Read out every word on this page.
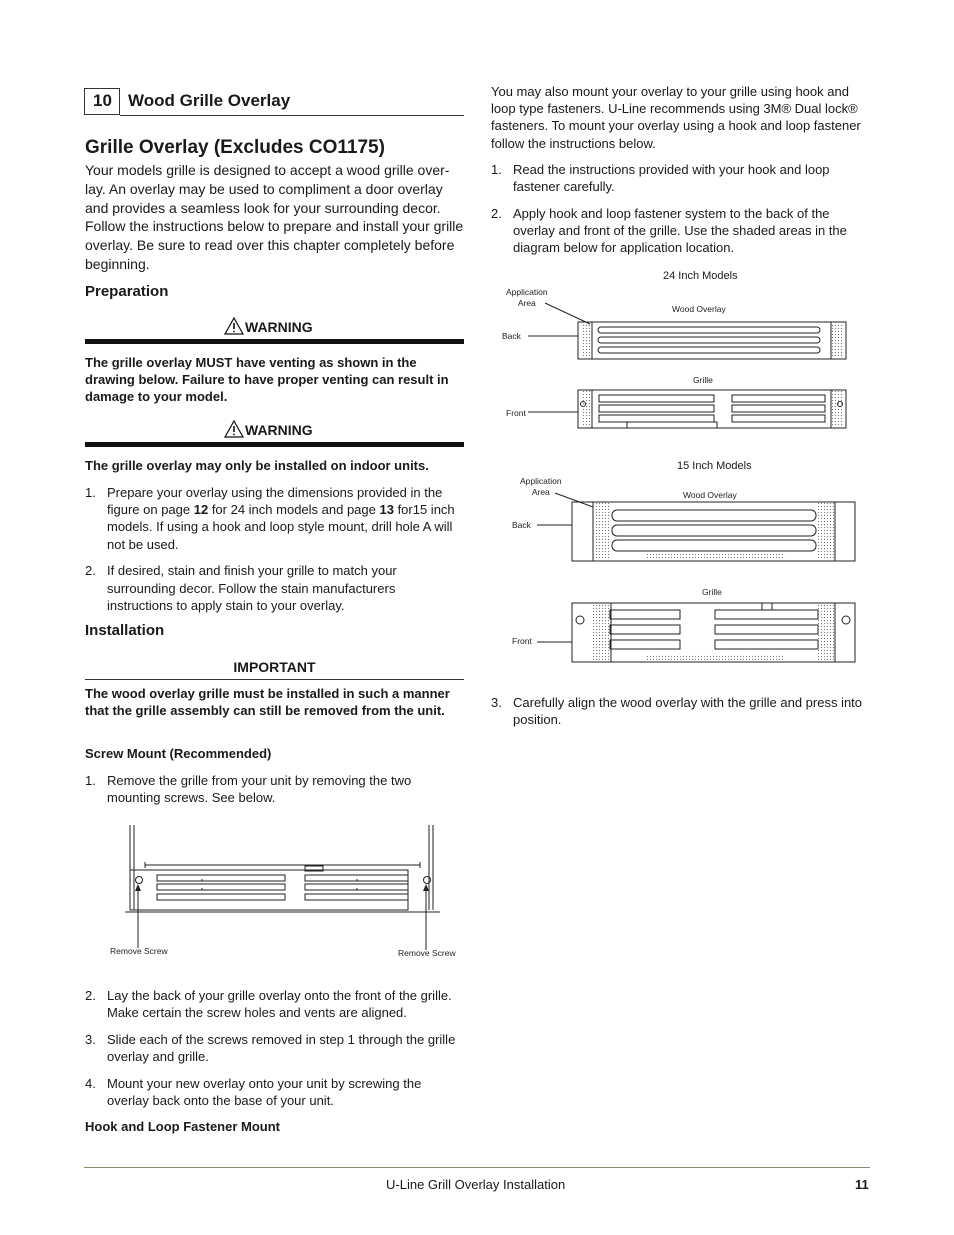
10 Wood Grille Overlay
Grille Overlay (Excludes CO1175)
Your models grille is designed to accept a wood grille over-lay. An overlay may be used to compliment a door overlay and provides a seamless look for your surrounding decor. Follow the instructions below to prepare and install your grille overlay. Be sure to read over this chapter completely before beginning.
Preparation
WARNING
The grille overlay MUST have venting as shown in the drawing below. Failure to have proper venting can result in damage to your model.
WARNING
The grille overlay may only be installed on indoor units.
1. Prepare your overlay using the dimensions provided in the figure on page 12 for 24 inch models and page 13 for15 inch models. If using a hook and loop style mount, drill hole A will not be used.
2. If desired, stain and finish your grille to match your surrounding decor. Follow the stain manufacturers instructions to apply stain to your overlay.
Installation
IMPORTANT
The wood overlay grille must be installed in such a manner that the grille assembly can still be removed from the unit.
Screw Mount (Recommended)
1. Remove the grille from your unit by removing the two mounting screws. See below.
Remove Screw	Remove Screw
2. Lay the back of your grille overlay onto the front of the grille. Make certain the screw holes and vents are aligned.
3. Slide each of the screws removed in step 1 through the grille overlay and grille.
4. Mount your new overlay onto your unit by screwing the overlay back onto the base of your unit.
Hook and Loop Fastener Mount
You may also mount your overlay to your grille using hook and loop type fasteners. U-Line recommends using 3M® Dual lock® fasteners. To mount your overlay using a hook and loop fastener follow the instructions below.
1. Read the instructions provided with your hook and loop fastener carefully.
2. Apply hook and loop fastener system to the back of the overlay and front of the grille. Use the shaded areas in the diagram below for application location.
24 Inch Models
Application
Area
Wood Overlay
Back
Grille
Front
15 Inch Models
Application
Area	Wood Overlay
Back
Grille
Front
3. Carefully align the wood overlay with the grille and press into position.
U-Line Grill Overlay Installation	11
